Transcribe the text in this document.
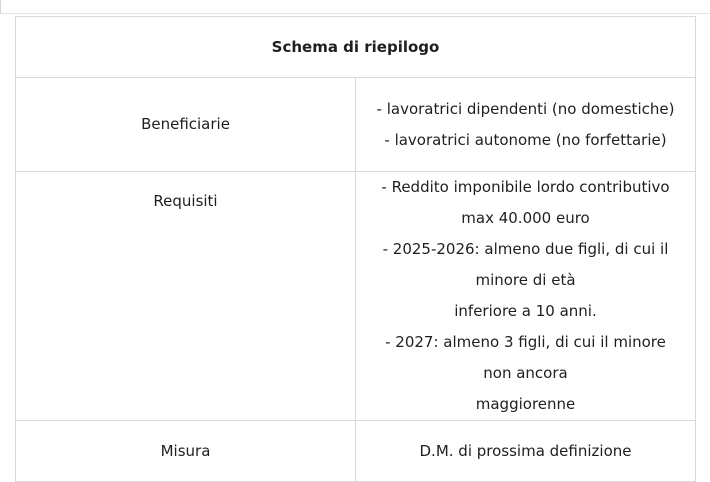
Schema di riepilogo	
Beneficiarie	- lavoratrici dipendenti (no domestiche)
- lavoratrici autonome (no forfettarie)

Requisiti	- Reddito imponibile lordo contributivo max 40.000 euro
- 2025-2026: almeno due figli, di cui il minore di età
inferiore a 10 anni.
- 2027: almeno 3 figli, di cui il minore non ancora
maggiorenne

Misura	D.M. di prossima definizione
